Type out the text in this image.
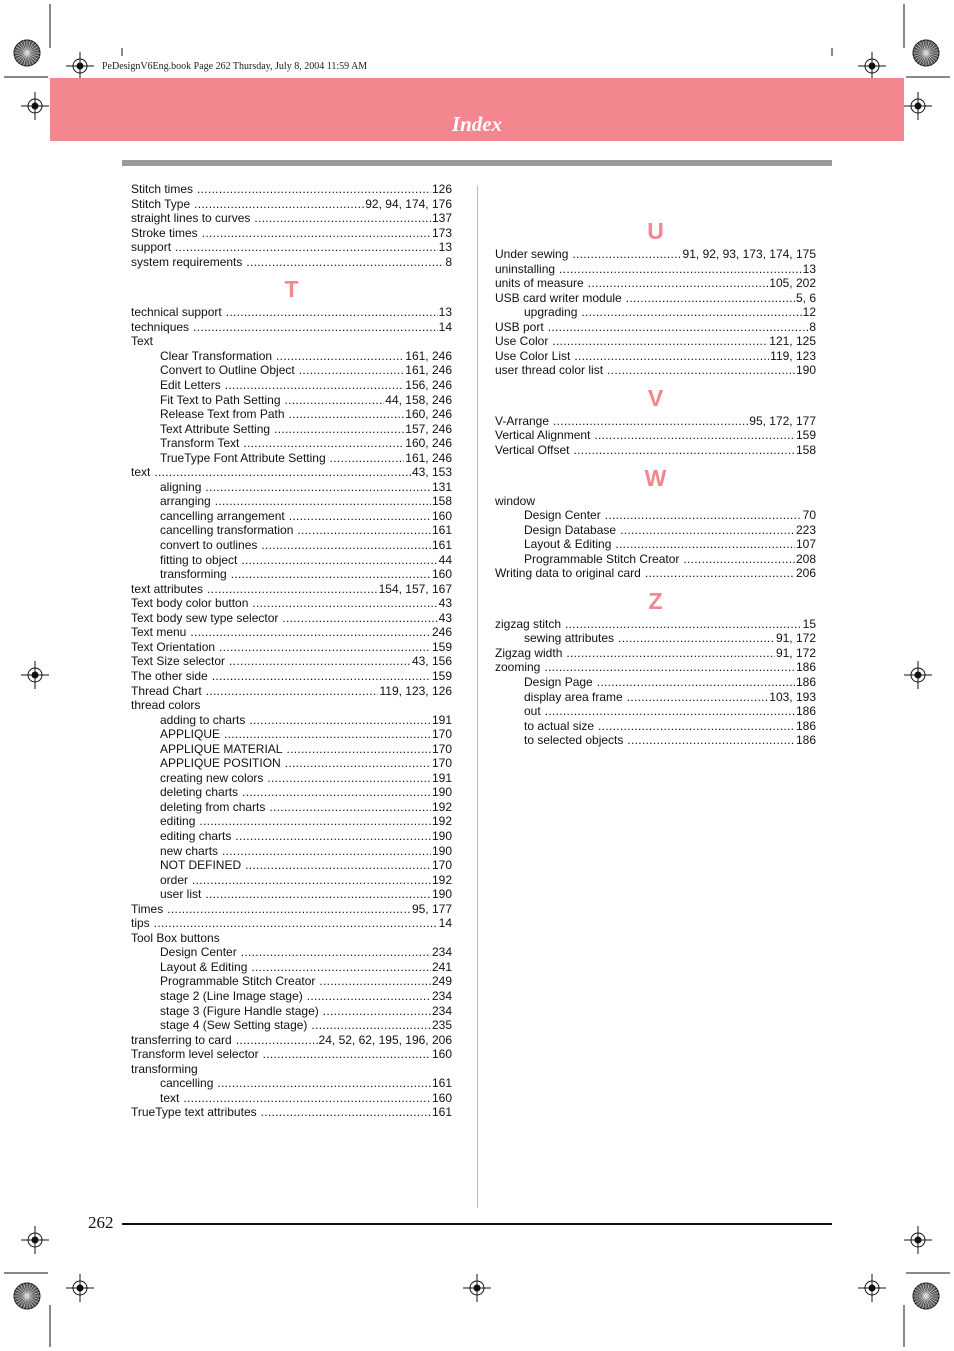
PeDesignV6Eng.book Page 262 Thursday, July 8, 2004 11:59 AM
Index
Stitch times .....	126
Stitch Type .....	92, 94, 174, 176
straight lines to curves .....	137
Stroke times .....	173
support .....	13
system requirements .....	8
T
technical support .....	13
techniques .....	14
Text
Clear Transformation .....	161, 246
Convert to Outline Object .....	161, 246
Edit Letters .....	156, 246
Fit Text to Path Setting .....	44, 158, 246
Release Text from Path .....	160, 246
Text Attribute Setting .....	157, 246
Transform Text .....	160, 246
TrueType Font Attribute Setting .....	161, 246
text .....	43, 153
aligning .....	131
arranging .....	158
cancelling arrangement .....	160
cancelling transformation .....	161
convert to outlines .....	161
fitting to object .....	44
transforming .....	160
text attributes .....	154, 157, 167
Text body color button .....	43
Text body sew type selector .....	43
Text menu .....	246
Text Orientation .....	159
Text Size selector .....	43, 156
The other side .....	159
Thread Chart .....	119, 123, 126
thread colors
adding to charts .....	191
APPLIQUE .....	170
APPLIQUE MATERIAL .....	170
APPLIQUE POSITION .....	170
creating new colors .....	191
deleting charts .....	190
deleting from charts .....	192
editing .....	192
editing charts .....	190
new charts .....	190
NOT DEFINED .....	170
order .....	192
user list .....	190
Times .....	95, 177
tips .....	14
Tool Box buttons
Design Center .....	234
Layout & Editing .....	241
Programmable Stitch Creator .....	249
stage 2 (Line Image stage) .....	234
stage 3 (Figure Handle stage) .....	234
stage 4 (Sew Setting stage) .....	235
transferring to card .....	24, 52, 62, 195, 196, 206
Transform level selector .....	160
transforming
cancelling .....	161
text .....	160
TrueType text attributes .....	161
U
Under sewing .....	91, 92, 93, 173, 174, 175
uninstalling .....	13
units of measure .....	105, 202
USB card writer module .....	5, 6
upgrading .....	12
USB port .....	8
Use Color .....	121, 125
Use Color List .....	119, 123
user thread color list .....	190
V
V-Arrange .....	95, 172, 177
Vertical Alignment .....	159
Vertical Offset .....	158
W
window
Design Center .....	70
Design Database .....	223
Layout & Editing .....	107
Programmable Stitch Creator .....	208
Writing data to original card .....	206
Z
zigzag stitch .....	15
sewing attributes .....	91, 172
Zigzag width .....	91, 172
zooming .....	186
Design Page .....	186
display area frame .....	103, 193
out .....	186
to actual size .....	186
to selected objects .....	186
262
